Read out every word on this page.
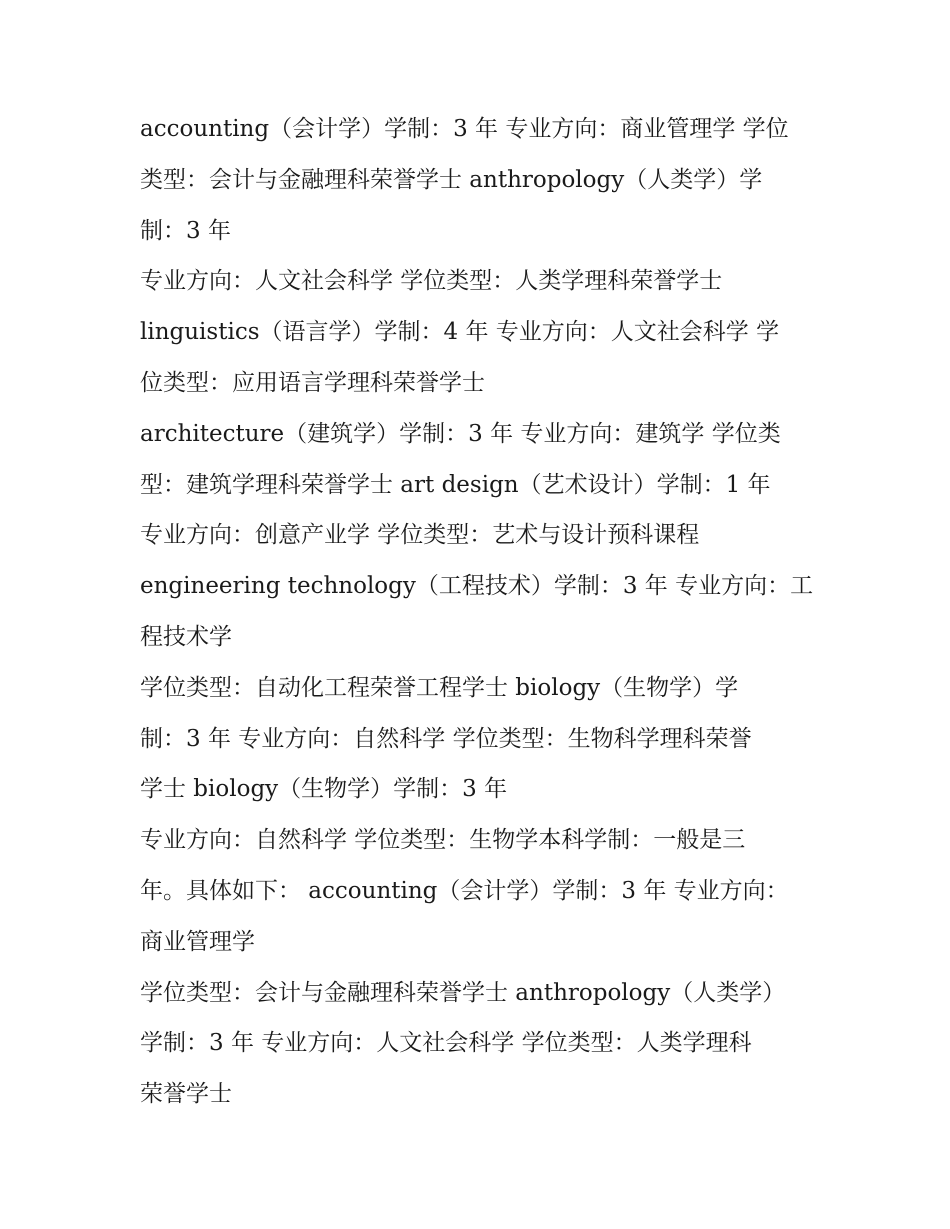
accounting（会计学）学制：3 年 专业方向：商业管理学 学位
类型：会计与金融理科荣誉学士 anthropology（人类学）学
制：3 年
专业方向：人文社会科学 学位类型：人类学理科荣誉学士
linguistics（语言学）学制：4 年 专业方向：人文社会科学 学
位类型：应用语言学理科荣誉学士
architecture（建筑学）学制：3 年 专业方向：建筑学 学位类
型：建筑学理科荣誉学士 art design（艺术设计）学制：1 年
专业方向：创意产业学 学位类型：艺术与设计预科课程
engineering technology（工程技术）学制：3 年 专业方向：工
程技术学
学位类型：自动化工程荣誉工程学士 biology（生物学）学
制：3 年 专业方向：自然科学 学位类型：生物科学理科荣誉
学士 biology（生物学）学制：3 年
专业方向：自然科学 学位类型：生物学本科学制：一般是三
年。具体如下： accounting（会计学）学制：3 年 专业方向：
商业管理学
学位类型：会计与金融理科荣誉学士 anthropology（人类学）
学制：3 年 专业方向：人文社会科学 学位类型：人类学理科
荣誉学士
